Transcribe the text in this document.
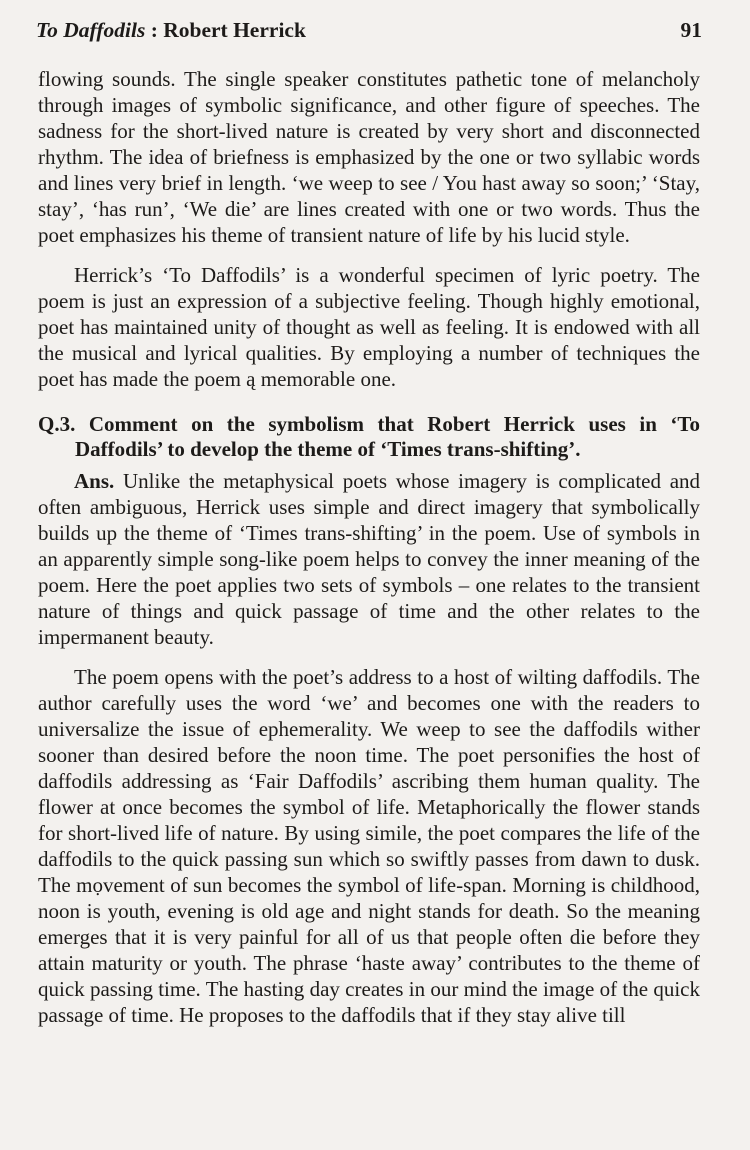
To Daffodils : Robert Herrick	91

flowing sounds. The single speaker constitutes pathetic tone of melancholy through images of symbolic significance, and other figure of speeches. The sadness for the short-lived nature is created by very short and disconnected rhythm. The idea of briefness is emphasized by the one or two syllabic words and lines very brief in length. ‘we weep to see / You hast away so soon;’ ‘Stay, stay’, ‘has run’, ‘We die’ are lines created with one or two words. Thus the poet emphasizes his theme of transient nature of life by his lucid style.

Herrick’s ‘To Daffodils’ is a wonderful specimen of lyric poetry. The poem is just an expression of a subjective feeling. Though highly emotional, poet has maintained unity of thought as well as feeling. It is endowed with all the musical and lyrical qualities. By employing a number of techniques the poet has made the poem ą memorable one.

Q.3. Comment on the symbolism that Robert Herrick uses in ‘To Daffodils’ to develop the theme of ‘Times trans-shifting’.

Ans. Unlike the metaphysical poets whose imagery is complicated and often ambiguous, Herrick uses simple and direct imagery that symbolically builds up the theme of ‘Times trans-shifting’ in the poem. Use of symbols in an apparently simple song-like poem helps to convey the inner meaning of the poem. Here the poet applies two sets of symbols – one relates to the transient nature of things and quick passage of time and the other relates to the impermanent beauty.

The poem opens with the poet’s address to a host of wilting daffodils. The author carefully uses the word ‘we’ and becomes one with the readers to universalize the issue of ephemerality. We weep to see the daffodils wither sooner than desired before the noon time. The poet personifies the host of daffodils addressing as ‘Fair Daffodils’ ascribing them human quality. The flower at once becomes the symbol of life. Metaphorically the flower stands for short-lived life of nature. By using simile, the poet compares the life of the daffodils to the quick passing sun which so swiftly passes from dawn to dusk. The mọvement of sun becomes the symbol of life-span. Morning is childhood, noon is youth, evening is old age and night stands for death. So the meaning emerges that it is very painful for all of us that people often die before they attain maturity or youth. The phrase ‘haste away’ contributes to the theme of quick passing time. The hasting day creates in our mind the image of the quick passage of time. He proposes to the daffodils that if they stay alive till
